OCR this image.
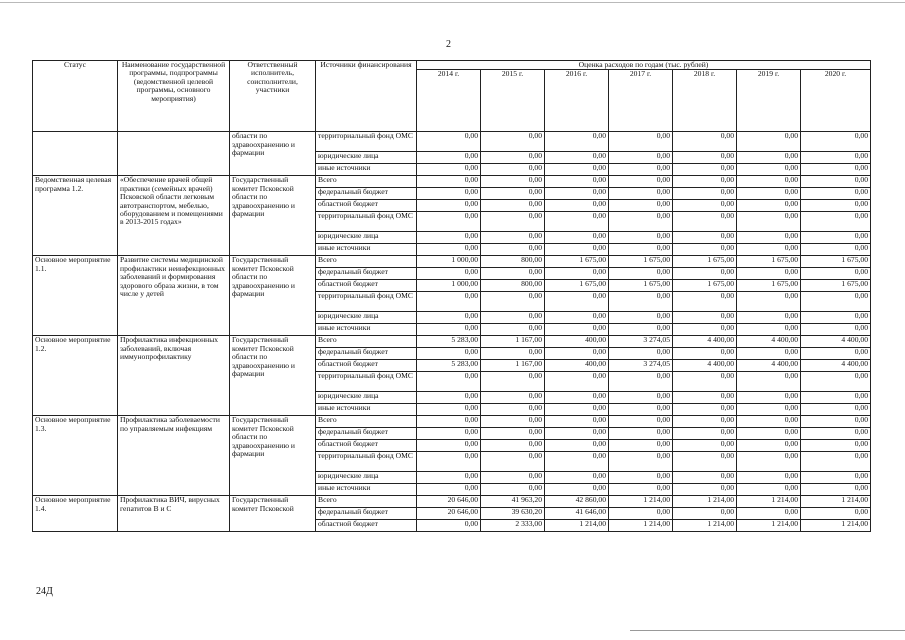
2
Статус	Наименование государственной программы, подпрограммы (ведомственной целевой программы, основного мероприятия)	Ответственный исполнитель, соисполнители, участники	Источники финансирования	Оценка расходов по годам (тыс. рублей)						
				2014 г.	2015 г.	2016 г.	2017 г.	2018 г.	2019 г.	2020 г.
		области по здравоохранению и фармации	территориальный фонд ОМС	0,00	0,00	0,00	0,00	0,00	0,00	0,00
			юридические лица	0,00	0,00	0,00	0,00	0,00	0,00	0,00
			иные источники	0,00	0,00	0,00	0,00	0,00	0,00	0,00
Ведомственная целевая программа 1.2.	«Обеспечение врачей общей практики (семейных врачей) Псковской области легковым автотранспортом, мебелью, оборудованием и помещениями в 2013-2015 годах»	Государственный комитет Псковской области по здравоохранению и фармации	Всего	0,00	0,00	0,00	0,00	0,00	0,00	0,00
			федеральный бюджет	0,00	0,00	0,00	0,00	0,00	0,00	0,00
			областной бюджет	0,00	0,00	0,00	0,00	0,00	0,00	0,00
			территориальный фонд ОМС	0,00	0,00	0,00	0,00	0,00	0,00	0,00
			юридические лица	0,00	0,00	0,00	0,00	0,00	0,00	0,00
			иные источники	0,00	0,00	0,00	0,00	0,00	0,00	0,00
Основное мероприятие 1.1.	Развитие системы медицинской профилактики неинфекционных заболеваний и формирования здорового образа жизни, в том числе у детей	Государственный комитет Псковской области по здравоохранению и фармации	Всего	1 000,00	800,00	1 675,00	1 675,00	1 675,00	1 675,00	1 675,00
			федеральный бюджет	0,00	0,00	0,00	0,00	0,00	0,00	0,00
			областной бюджет	1 000,00	800,00	1 675,00	1 675,00	1 675,00	1 675,00	1 675,00
			территориальный фонд ОМС	0,00	0,00	0,00	0,00	0,00	0,00	0,00
			юридические лица	0,00	0,00	0,00	0,00	0,00	0,00	0,00
			иные источники	0,00	0,00	0,00	0,00	0,00	0,00	0,00
Основное мероприятие 1.2.	Профилактика инфекционных заболеваний, включая иммунопрофилактику	Государственный комитет Псковской области по здравоохранению и фармации	Всего	5 283,00	1 167,00	400,00	3 274,05	4 400,00	4 400,00	4 400,00
			федеральный бюджет	0,00	0,00	0,00	0,00	0,00	0,00	0,00
			областной бюджет	5 283,00	1 167,00	400,00	3 274,05	4 400,00	4 400,00	4 400,00
			территориальный фонд ОМС	0,00	0,00	0,00	0,00	0,00	0,00	0,00
			юридические лица	0,00	0,00	0,00	0,00	0,00	0,00	0,00
			иные источники	0,00	0,00	0,00	0,00	0,00	0,00	0,00
Основное мероприятие 1.3.	Профилактика заболеваемости по управляемым инфекциям	Государственный комитет Псковской области по здравоохранению и фармации	Всего	0,00	0,00	0,00	0,00	0,00	0,00	0,00
			федеральный бюджет	0,00	0,00	0,00	0,00	0,00	0,00	0,00
			областной бюджет	0,00	0,00	0,00	0,00	0,00	0,00	0,00
			территориальный фонд ОМС	0,00	0,00	0,00	0,00	0,00	0,00	0,00
			юридические лица	0,00	0,00	0,00	0,00	0,00	0,00	0,00
			иные источники	0,00	0,00	0,00	0,00	0,00	0,00	0,00
Основное мероприятие 1.4.	Профилактика ВИЧ, вирусных гепатитов В и С	Государственный комитет Псковской	Всего	20 646,00	41 963,20	42 860,00	1 214,00	1 214,00	1 214,00	1 214,00
			федеральный бюджет	20 646,00	39 630,20	41 646,00	0,00	0,00	0,00	0,00
			областной бюджет	0,00	2 333,00	1 214,00	1 214,00	1 214,00	1 214,00	1 214,00
24Д
